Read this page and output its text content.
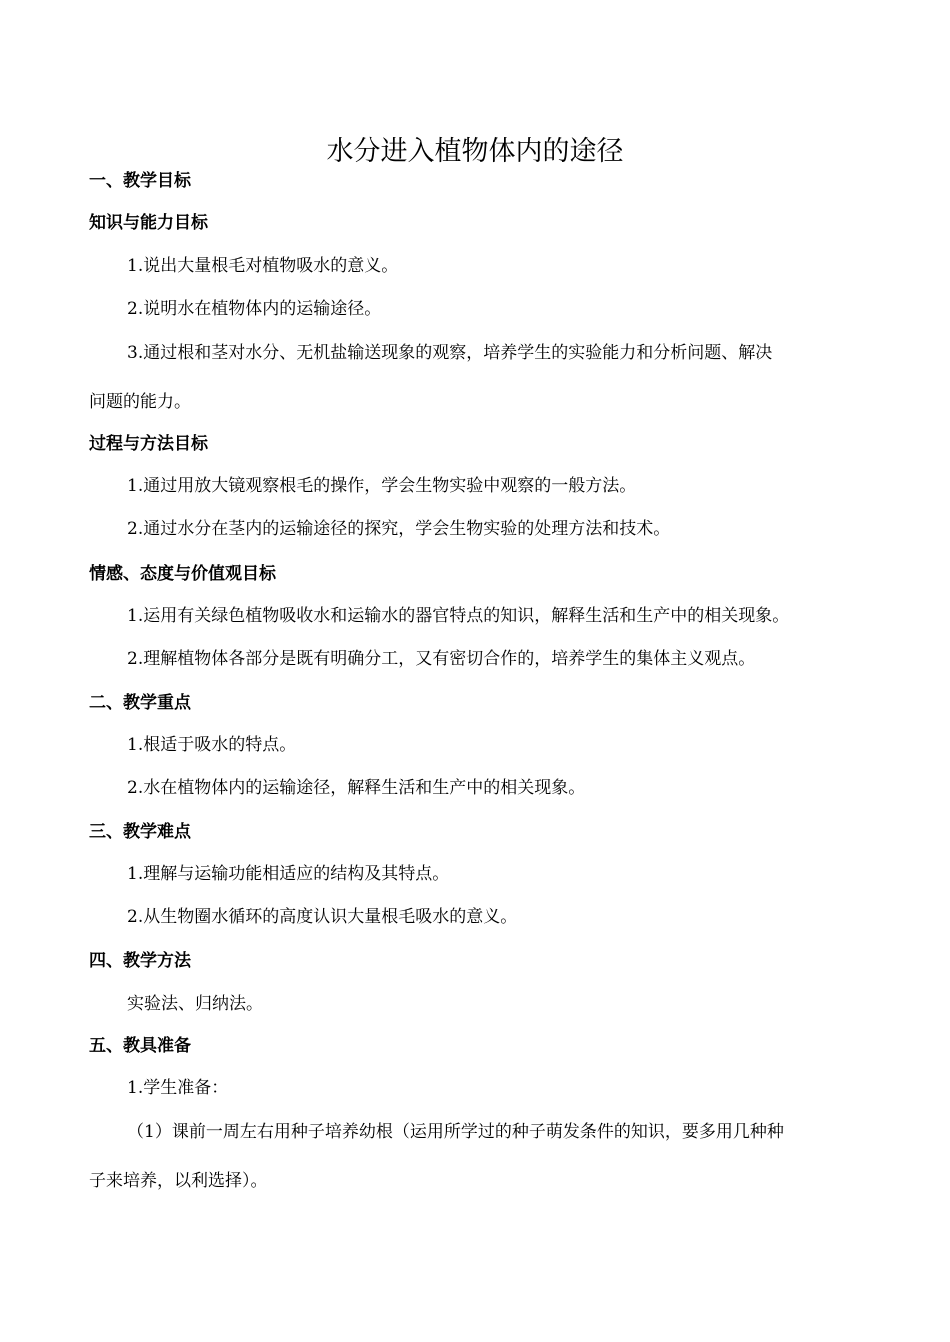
水分进入植物体内的途径
一、教学目标
知识与能力目标
1.说出大量根毛对植物吸水的意义。
2.说明水在植物体内的运输途径。
3.通过根和茎对水分、无机盐输送现象的观察，培养学生的实验能力和分析问题、解决
问题的能力。
过程与方法目标
1.通过用放大镜观察根毛的操作，学会生物实验中观察的一般方法。
2.通过水分在茎内的运输途径的探究，学会生物实验的处理方法和技术。
情感、态度与价值观目标
1.运用有关绿色植物吸收水和运输水的器官特点的知识，解释生活和生产中的相关现象。
2.理解植物体各部分是既有明确分工，又有密切合作的，培养学生的集体主义观点。
二、教学重点
1.根适于吸水的特点。
2.水在植物体内的运输途径，解释生活和生产中的相关现象。
三、教学难点
1.理解与运输功能相适应的结构及其特点。
2.从生物圈水循环的高度认识大量根毛吸水的意义。
四、教学方法
实验法、归纳法。
五、教具准备
1.学生准备：
（1）课前一周左右用种子培养幼根（运用所学过的种子萌发条件的知识，要多用几种种
子来培养，以利选择）。
